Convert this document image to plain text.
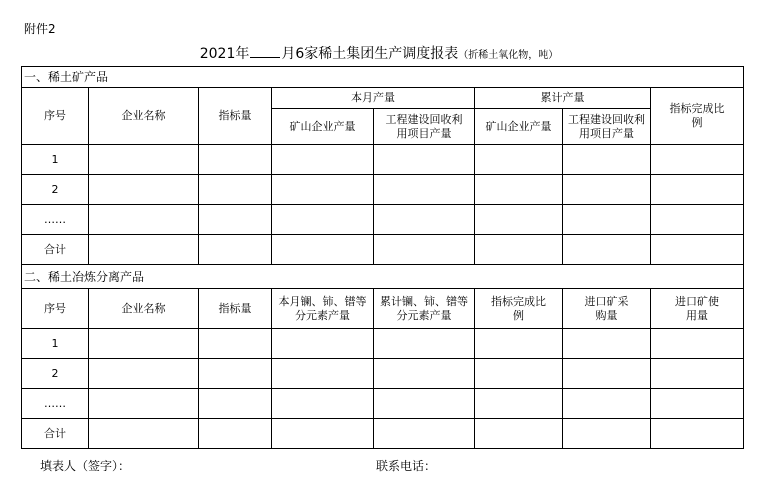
附件2
2021年 月6家稀土集团生产调度报表（折稀土氧化物，吨）
一、稀土矿产品							
序号	企业名称	指标量	本月产量		累计产量		指标完成比例

			矿山企业产量	工程建设回收利用项目产量	矿山企业产量	工程建设回收利用项目产量	

1							
2							
……							
合计							
二、稀土冶炼分离产品							
序号	企业名称	指标量	本月镧、铈、镨等分元素产量	累计镧、铈、镨等分元素产量	指标完成比例	进口矿采购量	进口矿使用量

1							
2							
……							
合计							
填表人（签字）：	联系电话：
